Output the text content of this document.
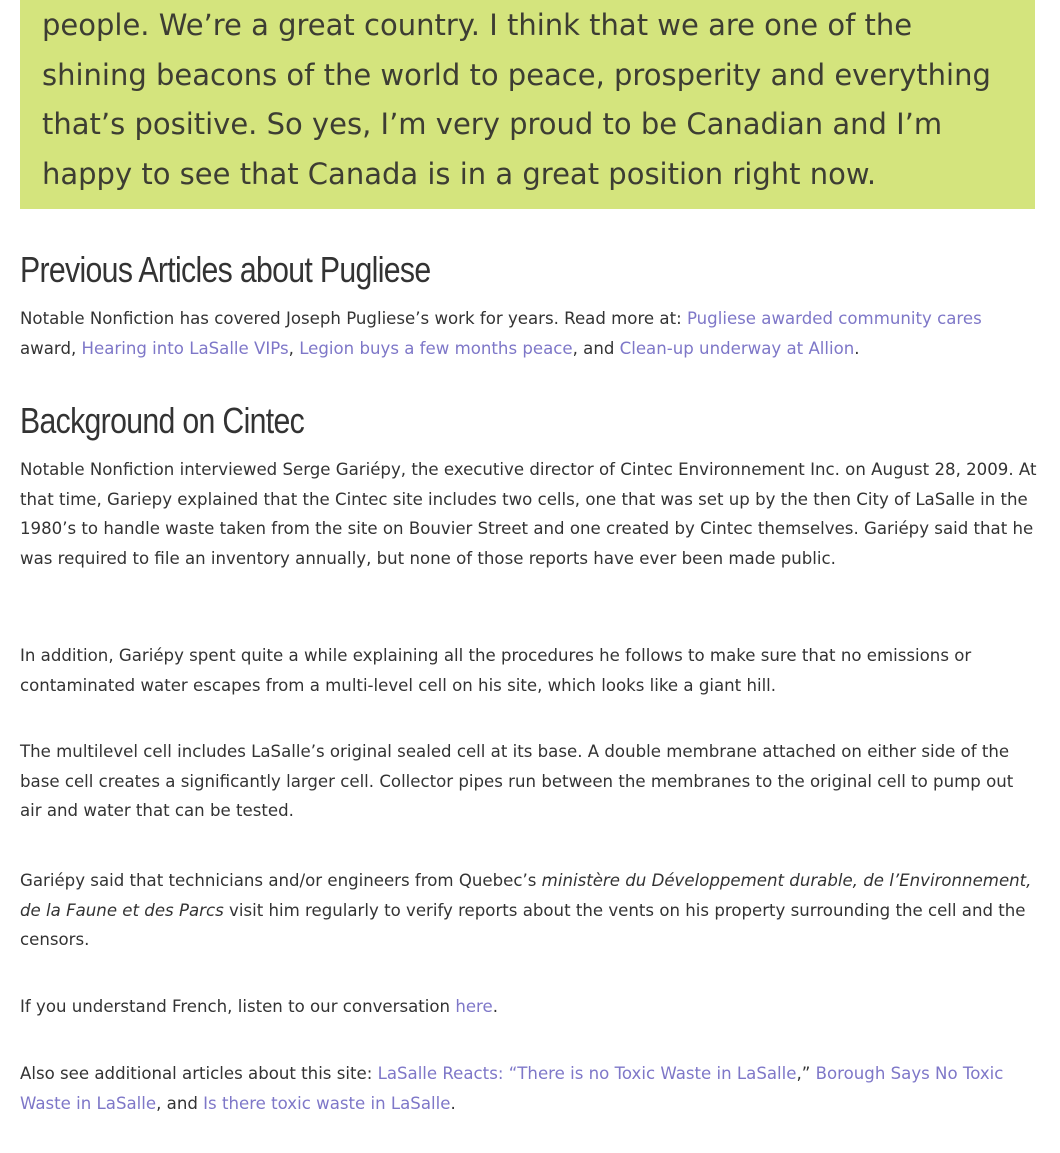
people. We’re a great country. I think that we are one of the
shining beacons of the world to peace, prosperity and everything
that’s positive. So yes, I’m very proud to be Canadian and I’m
happy to see that Canada is in a great position right now.

Previous Articles about Pugliese

Notable Nonfiction has covered Joseph Pugliese’s work for years. Read more at: Pugliese awarded community cares award, Hearing into LaSalle VIPs, Legion buys a few months peace, and Clean-up underway at Allion.

Background on Cintec

Notable Nonfiction interviewed Serge Gariépy, the executive director of Cintec Environnement Inc. on August 28, 2009. At that time, Gariepy explained that the Cintec site includes two cells, one that was set up by the then City of LaSalle in the 1980’s to handle waste taken from the site on Bouvier Street and one created by Cintec themselves. Gariépy said that he was required to file an inventory annually, but none of those reports have ever been made public.

In addition, Gariépy spent quite a while explaining all the procedures he follows to make sure that no emissions or contaminated water escapes from a multi-level cell on his site, which looks like a giant hill.

The multilevel cell includes LaSalle’s original sealed cell at its base. A double membrane attached on either side of the base cell creates a significantly larger cell. Collector pipes run between the membranes to the original cell to pump out air and water that can be tested.

Gariépy said that technicians and/or engineers from Quebec’s ministère du Développement durable, de l’Environnement, de la Faune et des Parcs visit him regularly to verify reports about the vents on his property surrounding the cell and the censors.

If you understand French, listen to our conversation here.

Also see additional articles about this site: LaSalle Reacts: “There is no Toxic Waste in LaSalle,” Borough Says No Toxic Waste in LaSalle, and Is there toxic waste in LaSalle.
